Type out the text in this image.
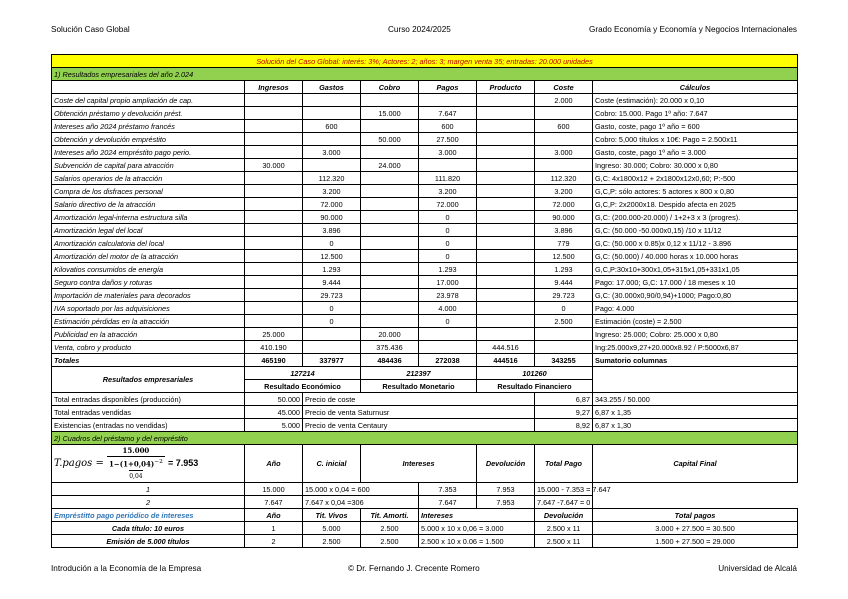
Solución Caso Global	Curso 2024/2025	Grado Economía y Economía y Negocios Internacionales
Solución del Caso Global: interés: 3%; Actores: 2; años: 3; margen venta 35; entradas: 20.000 unidades							
1) Resultados empresariales del año 2.024							
	Ingresos	Gastos	Cobro	Pagos	Producto	Coste	Cálculos
Coste del capital propio ampliación de cap.						2.000	Coste (estimación): 20.000 x 0,10
Obtención préstamo y devolución prést.			15.000	7.647			Cobro: 15.000. Pago 1º año: 7.647
Intereses año 2024 préstamo francés		600		600		600	Gasto, coste, pago 1º año = 600
Obtención y devolución empréstito			50.000	27.500			Cobro: 5,000 títulos x 10€: Pago = 2.500x11
Intereses año 2024 empréstito pago perio.		3.000		3.000		3.000	Gasto, coste, pago 1º año = 3.000
Subvención de capital para atracción	30.000		24.000				Ingreso: 30.000; Cobro: 30.000 x 0,80
Salarios operarios de la atracción		112.320		111.820		112.320	G,C: 4x1800x12 + 2x1800x12x0,60; P:-500
Compra de los disfraces personal		3.200		3.200		3.200	G,C,P: sólo actores: 5 actores x 800 x 0,80
Salario directivo de la atracción		72.000		72.000		72.000	G,C,P: 2x2000x18. Despido afecta en 2025
Amortización legal-interna estructura silla		90.000		0		90.000	G,C: (200.000-20.000) / 1+2+3 x 3 (progres).
Amortización legal del local		3.896		0		3.896	G,C: (50.000 -50.000x0,15) /10 x 11/12
Amortización calculatoria del local		0		0		779	G,C: (50.000 x 0.85)x 0,12 x 11/12 - 3.896
Amortización del motor de la atracción		12.500		0		12.500	G,C: (50.000) / 40.000 horas x 10.000 horas
Kilovatios consumidos de energía		1.293		1.293		1.293	G,C,P:30x10+300x1,05+315x1,05+331x1,05
Seguro contra daños y roturas		9.444		17.000		9.444	Pago: 17.000; G,C: 17.000 / 18 meses x 10
Importación de materiales para decorados		29.723		23.978		29.723	G,C: (30.000x0,90/0,94)+1000; Pago:0,80
IVA soportado por las adquisiciones		0		4.000		0	Pago: 4.000
Estimación pérdidas en la atracción		0		0		2.500	Estimación (coste) = 2.500
Publicidad en la atracción	25.000		20.000				Ingreso: 25.000; Cobro: 25.000 x 0,80
Venta, cobro y producto	410.190		375.436		444.516		Ing:25.000x9,27+20.000x8.92 / P:5000x6,87
Totales	465190	337977	484436	272038	444516	343255	Sumatorio columnas
Resultados empresariales	127214		212397		101260		
	Resultado Económico		Resultado Monetario		Resultado Financiero		
Total entradas disponibles (producción)	50.000	Precio de coste				6,87	343.255 / 50.000
Total entradas vendidas	45.000	Precio de venta Saturnusr				9,27	6,87 x 1,35
Existencias (entradas no vendidas)	5.000	Precio de venta Centaury				8,92	6,87 x 1,30
2) Cuadros del préstamo y del empréstito							
T.pagos =
15.000
$1-(1+0,04)^{-2}$
0,04
= 7.953	Año	C. inicial	Intereses		Devolución	Total Pago	Capital Final
1	15.000	15.000 x 0,04 = 600		7.353	7.953	15.000 - 7.353 = 7.647	
2	7.647	7.647 x 0,04 =306		7.647	7.953	7.647 -7.647 = 0	
Empréstitto pago periódico de intereses	Año	Tit. Vivos	Tit. Amorti.	Intereses		Devolución	Total pagos
Cada título: 10 euros	1	5.000	2.500	5.000 x 10 x 0,06 = 3.000		2.500 x 11	3.000 + 27.500 = 30.500
Emisión de 5.000 títulos	2	2.500	2.500	2.500 x 10 x 0.06 = 1.500		2.500 x 11	1.500 + 27.500 = 29.000
Introdución a la Economía de la Empresa	© Dr. Fernando J. Crecente Romero	Universidad de Alcalá
